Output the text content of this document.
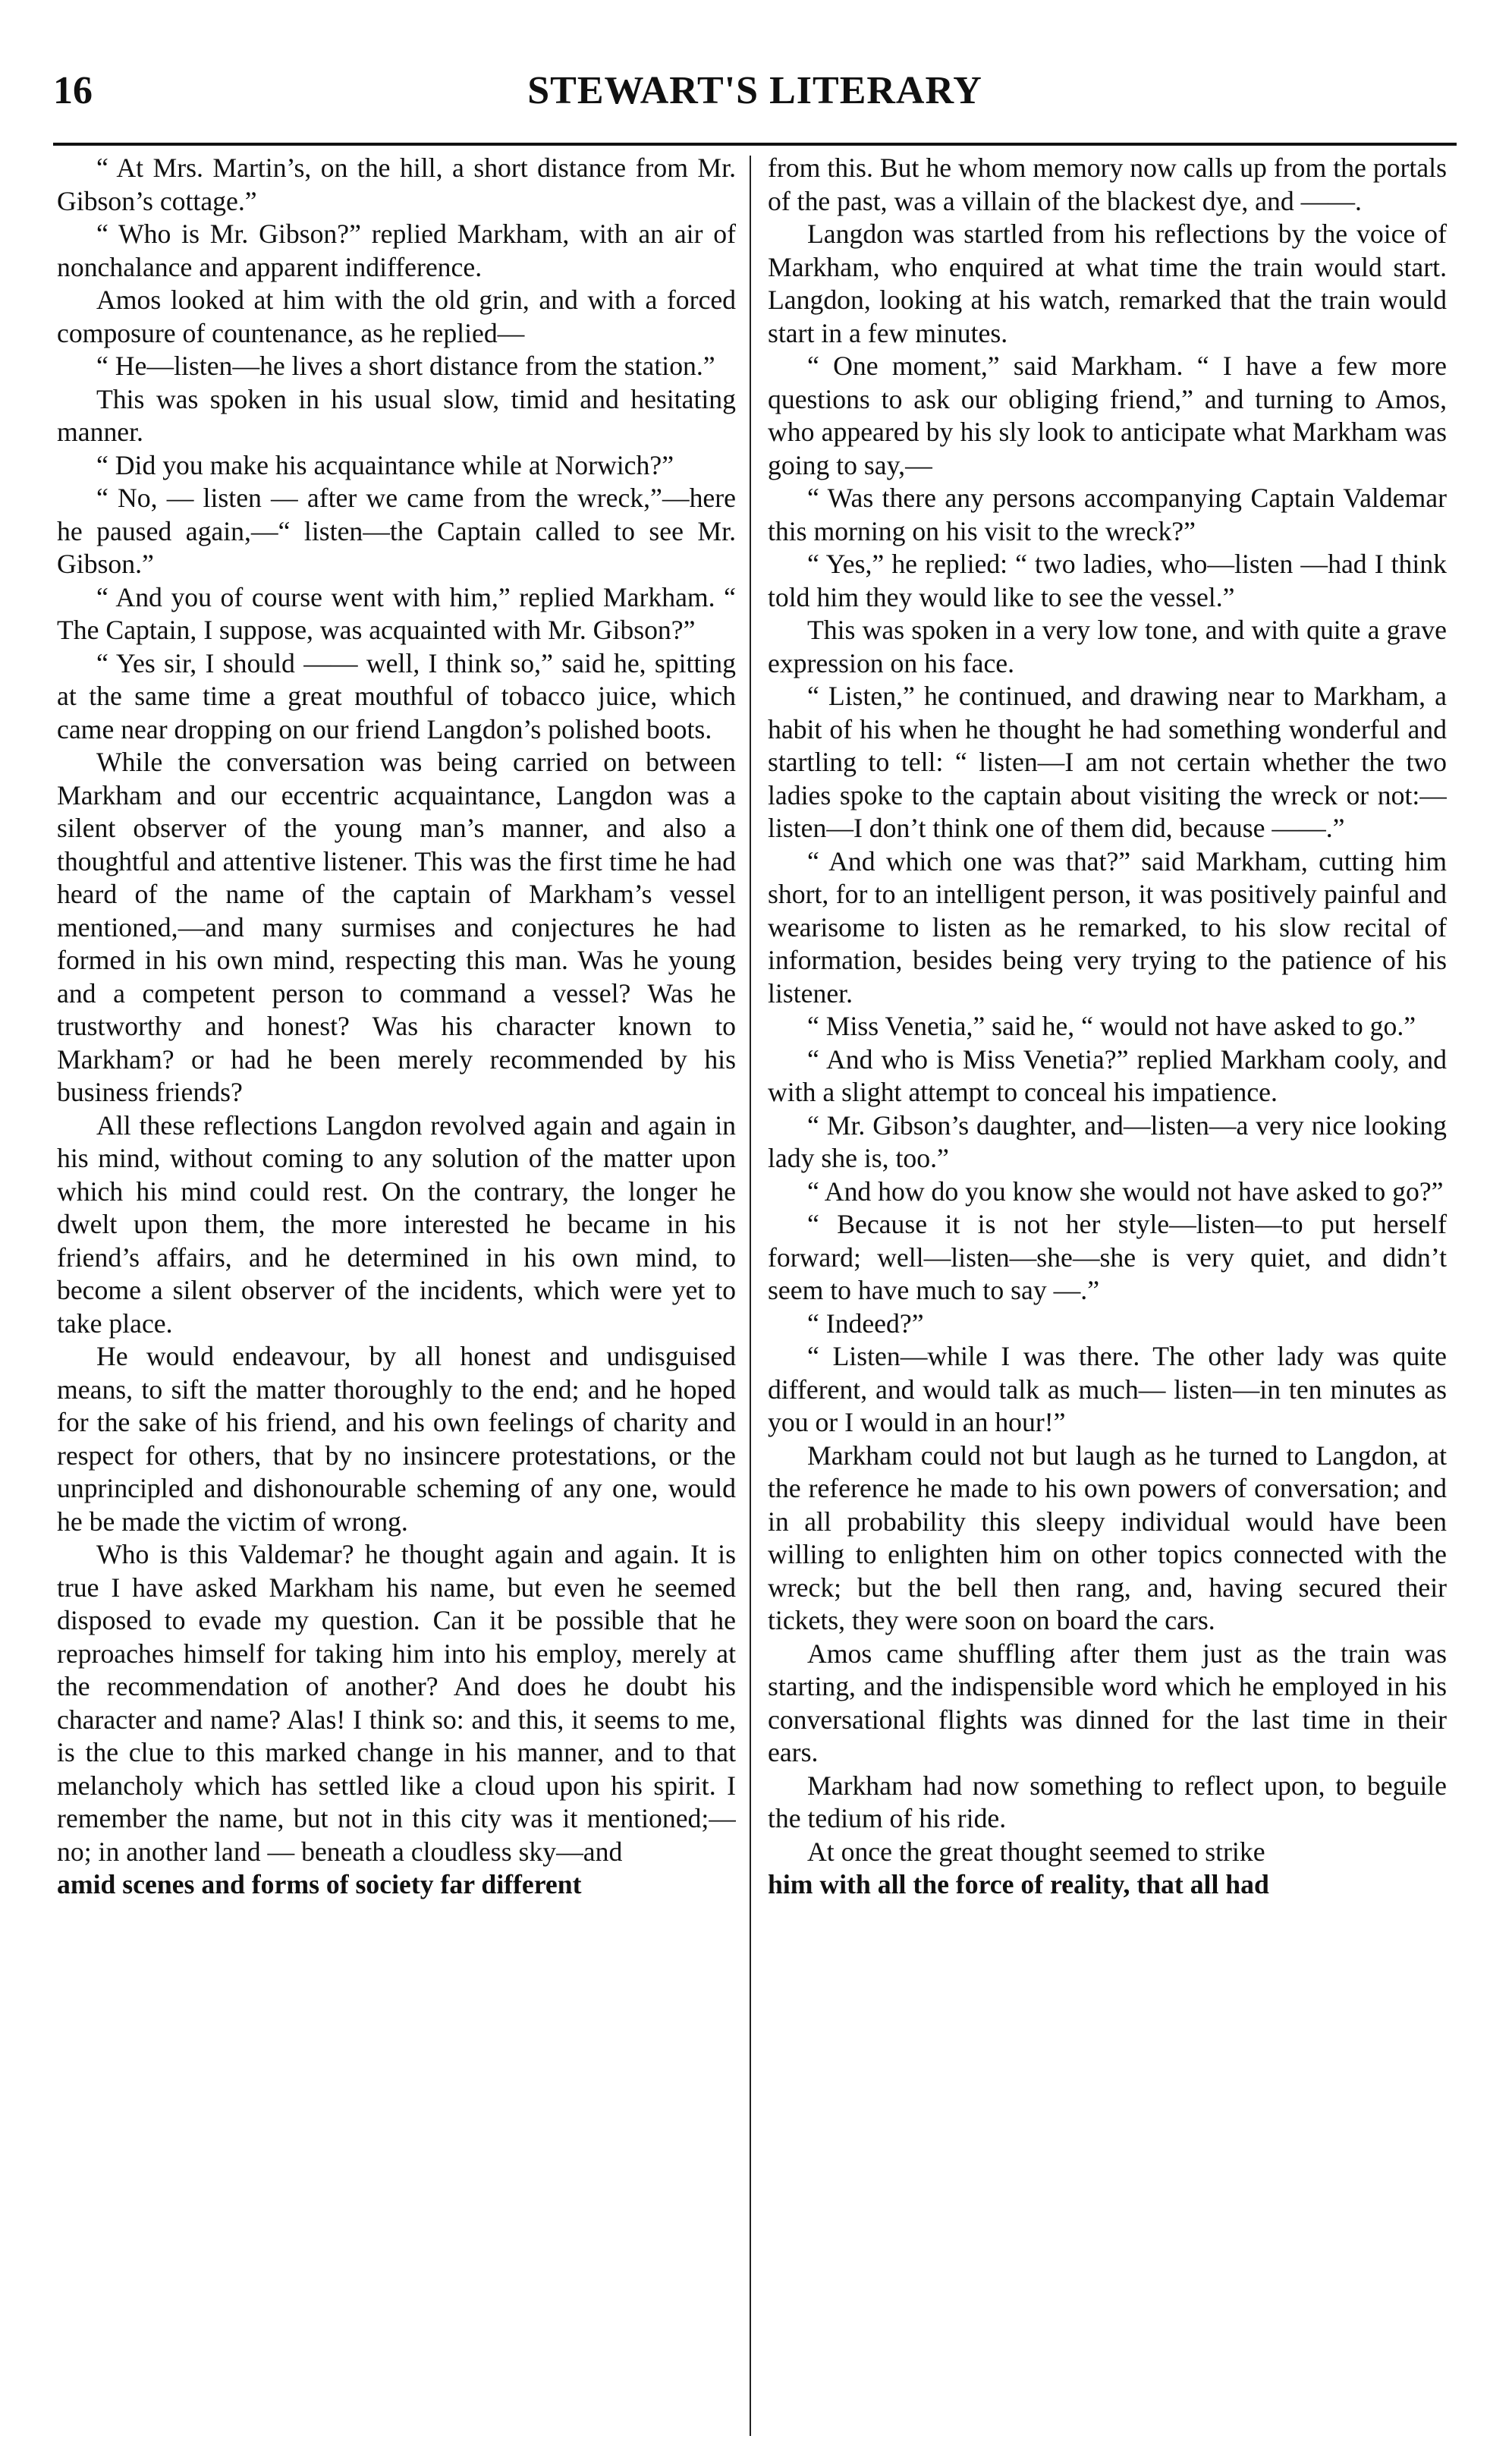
16	STEWART'S LITERARY

“ At Mrs. Martin’s, on the hill, a short distance from Mr. Gibson’s cottage.”

“ Who is Mr. Gibson?” replied Markham, with an air of nonchalance and apparent indifference.

Amos looked at him with the old grin, and with a forced composure of countenance, as he replied—

“ He—listen—he lives a short distance from the station.”

This was spoken in his usual slow, timid and hesitating manner.

“ Did you make his acquaintance while at Norwich?”

“ No, — listen — after we came from the wreck,”—here he paused again,—“ listen—the Captain called to see Mr. Gibson.”

“ And you of course went with him,” replied Markham. “ The Captain, I suppose, was acquainted with Mr. Gibson?”

“ Yes sir, I should —— well, I think so,” said he, spitting at the same time a great mouthful of tobacco juice, which came near dropping on our friend Langdon’s polished boots.

While the conversation was being carried on between Markham and our eccentric acquaintance, Langdon was a silent observer of the young man’s manner, and also a thoughtful and attentive listener. This was the first time he had heard of the name of the captain of Markham’s vessel mentioned,—and many surmises and conjectures he had formed in his own mind, respecting this man. Was he young and a competent person to command a vessel? Was he trustworthy and honest? Was his character known to Markham? or had he been merely recommended by his business friends?

All these reflections Langdon revolved again and again in his mind, without coming to any solution of the matter upon which his mind could rest. On the contrary, the longer he dwelt upon them, the more interested he became in his friend’s affairs, and he determined in his own mind, to become a silent observer of the incidents, which were yet to take place.

He would endeavour, by all honest and undisguised means, to sift the matter thoroughly to the end; and he hoped for the sake of his friend, and his own feelings of charity and respect for others, that by no insincere protestations, or the unprincipled and dishonourable scheming of any one, would he be made the victim of wrong.

Who is this Valdemar? he thought again and again. It is true I have asked Markham his name, but even he seemed disposed to evade my question. Can it be possible that he reproaches himself for taking him into his employ, merely at the recommendation of another? And does he doubt his character and name? Alas! I think so: and this, it seems to me, is the clue to this marked change in his manner, and to that melancholy which has settled like a cloud upon his spirit. I remember the name, but not in this city was it mentioned;—no; in another land — beneath a cloudless sky—and

amid scenes and forms of society far different

from this. But he whom memory now calls up from the portals of the past, was a villain of the blackest dye, and ——.

Langdon was startled from his reflections by the voice of Markham, who enquired at what time the train would start. Langdon, looking at his watch, remarked that the train would start in a few minutes.

“ One moment,” said Markham. “ I have a few more questions to ask our obliging friend,” and turning to Amos, who appeared by his sly look to anticipate what Markham was going to say,—

“ Was there any persons accompanying Captain Valdemar this morning on his visit to the wreck?”

“ Yes,” he replied: “ two ladies, who—listen —had I think told him they would like to see the vessel.”

This was spoken in a very low tone, and with quite a grave expression on his face.

“ Listen,” he continued, and drawing near to Markham, a habit of his when he thought he had something wonderful and startling to tell: “ listen—I am not certain whether the two ladies spoke to the captain about visiting the wreck or not:—listen—I don’t think one of them did, because ——.”

“ And which one was that?” said Markham, cutting him short, for to an intelligent person, it was positively painful and wearisome to listen as he remarked, to his slow recital of information, besides being very trying to the patience of his listener.

“ Miss Venetia,” said he, “ would not have asked to go.”

“ And who is Miss Venetia?” replied Markham cooly, and with a slight attempt to conceal his impatience.

“ Mr. Gibson’s daughter, and—listen—a very nice looking lady she is, too.”

“ And how do you know she would not have asked to go?”

“ Because it is not her style—listen—to put herself forward; well—listen—she—she is very quiet, and didn’t seem to have much to say —.”

“ Indeed?”

“ Listen—while I was there. The other lady was quite different, and would talk as much— listen—in ten minutes as you or I would in an hour!”

Markham could not but laugh as he turned to Langdon, at the reference he made to his own powers of conversation; and in all probability this sleepy individual would have been willing to enlighten him on other topics connected with the wreck; but the bell then rang, and, having secured their tickets, they were soon on board the cars.

Amos came shuffling after them just as the train was starting, and the indispensible word which he employed in his conversational flights was dinned for the last time in their ears.

Markham had now something to reflect upon, to beguile the tedium of his ride.

At once the great thought seemed to strike

him with all the force of reality, that all had
